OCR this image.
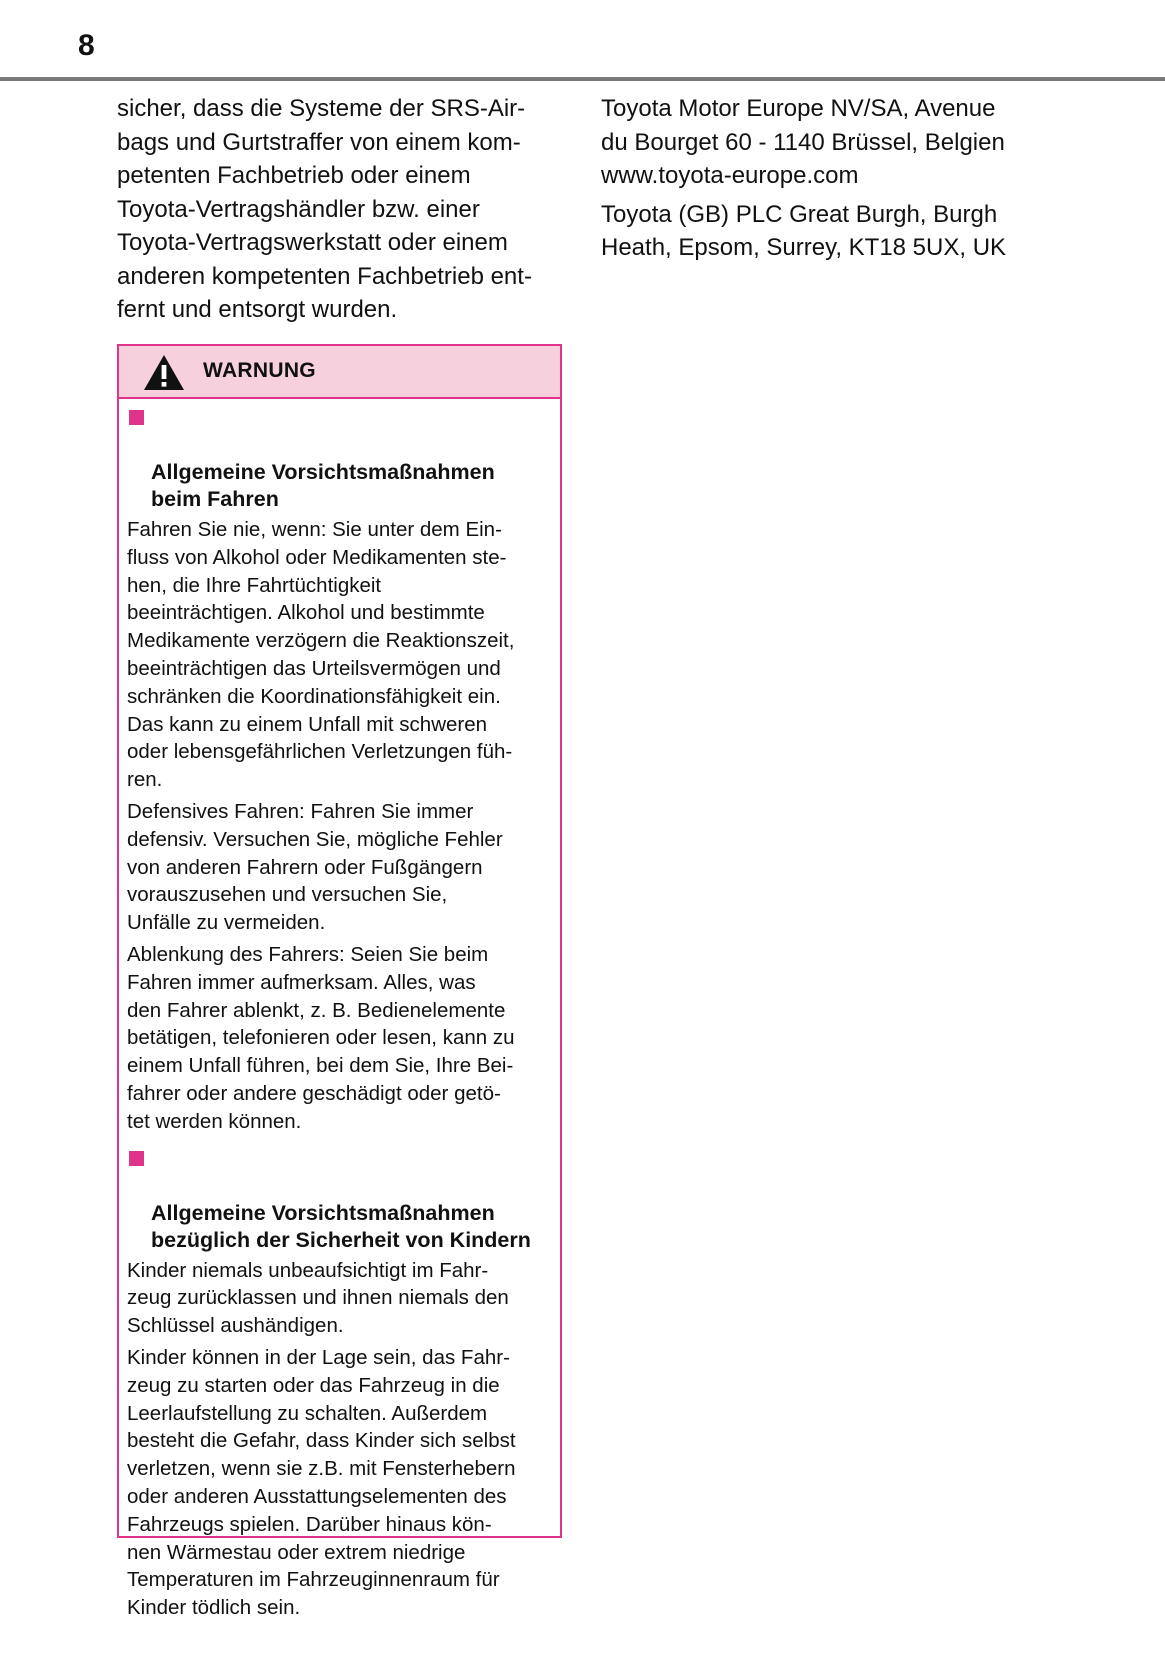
8

sicher, dass die Systeme der SRS-Air-
bags und Gurtstraffer von einem kom-
petenten Fachbetrieb oder einem
Toyota-Vertragshändler bzw. einer
Toyota-Vertragswerkstatt oder einem
anderen kompetenten Fachbetrieb ent-
fernt und entsorgt wurden.

WARNUNG

Allgemeine Vorsichtsmaßnahmen
beim Fahren

Fahren Sie nie, wenn: Sie unter dem Ein-
fluss von Alkohol oder Medikamenten ste-
hen, die Ihre Fahrtüchtigkeit
beeinträchtigen. Alkohol und bestimmte
Medikamente verzögern die Reaktionszeit,
beeinträchtigen das Urteilsvermögen und
schränken die Koordinationsfähigkeit ein.
Das kann zu einem Unfall mit schweren
oder lebensgefährlichen Verletzungen füh-
ren.

Defensives Fahren: Fahren Sie immer
defensiv. Versuchen Sie, mögliche Fehler
von anderen Fahrern oder Fußgängern
vorauszusehen und versuchen Sie,
Unfälle zu vermeiden.

Ablenkung des Fahrers: Seien Sie beim
Fahren immer aufmerksam. Alles, was
den Fahrer ablenkt, z. B. Bedienelemente
betätigen, telefonieren oder lesen, kann zu
einem Unfall führen, bei dem Sie, Ihre Bei-
fahrer oder andere geschädigt oder getö-
tet werden können.

Allgemeine Vorsichtsmaßnahmen
bezüglich der Sicherheit von Kindern

Kinder niemals unbeaufsichtigt im Fahr-
zeug zurücklassen und ihnen niemals den
Schlüssel aushändigen.

Kinder können in der Lage sein, das Fahr-
zeug zu starten oder das Fahrzeug in die
Leerlaufstellung zu schalten. Außerdem
besteht die Gefahr, dass Kinder sich selbst
verletzen, wenn sie z.B. mit Fensterhebern
oder anderen Ausstattungselementen des
Fahrzeugs spielen. Darüber hinaus kön-
nen Wärmestau oder extrem niedrige
Temperaturen im Fahrzeuginnenraum für
Kinder tödlich sein.

Toyota Motor Europe NV/SA, Avenue
du Bourget 60 - 1140 Brüssel, Belgien
www.toyota-europe.com

Toyota (GB) PLC Great Burgh, Burgh
Heath, Epsom, Surrey, KT18 5UX, UK
